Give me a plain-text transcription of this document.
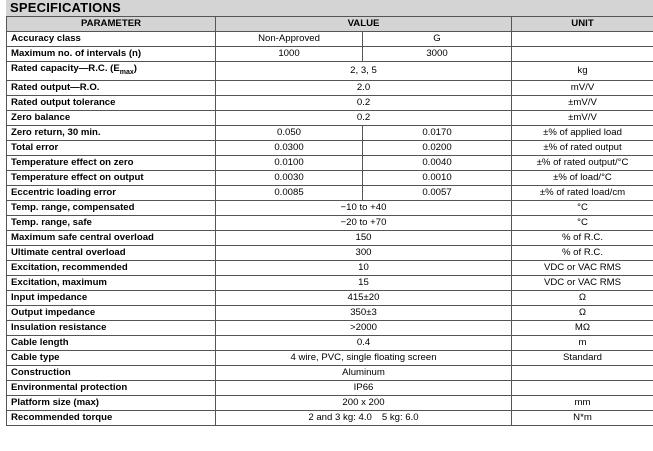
SPECIFICATIONS
PARAMETER	VALUE		UNIT
Accuracy class	Non-Approved	G	
Maximum no. of intervals (n)	1000	3000	
Rated capacity—R.C. $(E_{max})$	2, 3, 5		kg
Rated output—R.O.	2.0		mV/V
Rated output tolerance	0.2		±mV/V
Zero balance	0.2		±mV/V
Zero return, 30 min.	0.050	0.0170	±% of applied load
Total error	0.0300	0.0200	±% of rated output
Temperature effect on zero	0.0100	0.0040	±% of rated output/°C
Temperature effect on output	0.0030	0.0010	±% of load/°C
Eccentric loading error	0.0085	0.0057	±% of rated load/cm
Temp. range, compensated	−10 to +40		°C
Temp. range, safe	−20 to +70		°C
Maximum safe central overload	150		% of R.C.
Ultimate central overload	300		% of R.C.
Excitation, recommended	10		VDC or VAC RMS
Excitation, maximum	15		VDC or VAC RMS
Input impedance	415±20		Ω
Output impedance	350±3		Ω
Insulation resistance	>2000		MΩ
Cable length	0.4		m
Cable type	4 wire, PVC, single floating screen		Standard
Construction	Aluminum		
Environmental protection	IP66		
Platform size (max)	200 x 200		mm
Recommended torque	2 and 3 kg: 4.0 5 kg: 6.0		N*m
